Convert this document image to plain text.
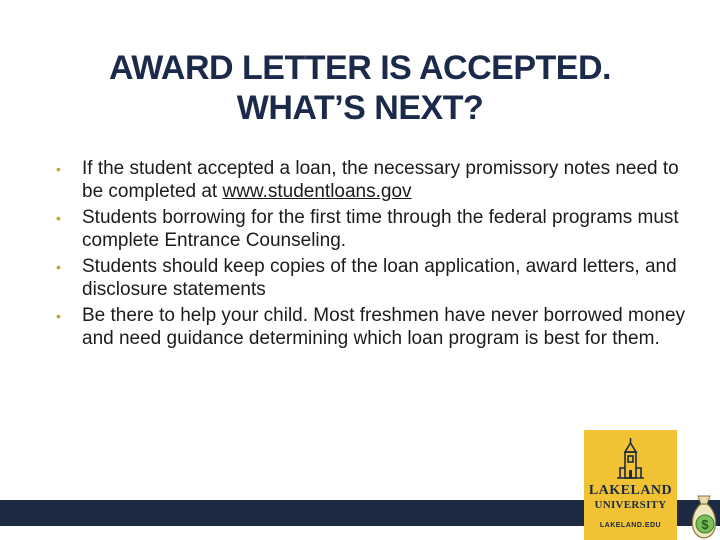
AWARD LETTER IS ACCEPTED.
WHAT’S NEXT?
• If the student accepted a loan, the necessary promissory notes need to be completed at www.studentloans.gov
• Students borrowing for the first time through the federal programs must complete Entrance Counseling.
• Students should keep copies of the loan application, award letters, and disclosure statements
• Be there to help your child. Most freshmen have never borrowed money and need guidance determining which loan program is best for them.
LAKELAND
UNIVERSITY
LAKELAND.EDU	$
